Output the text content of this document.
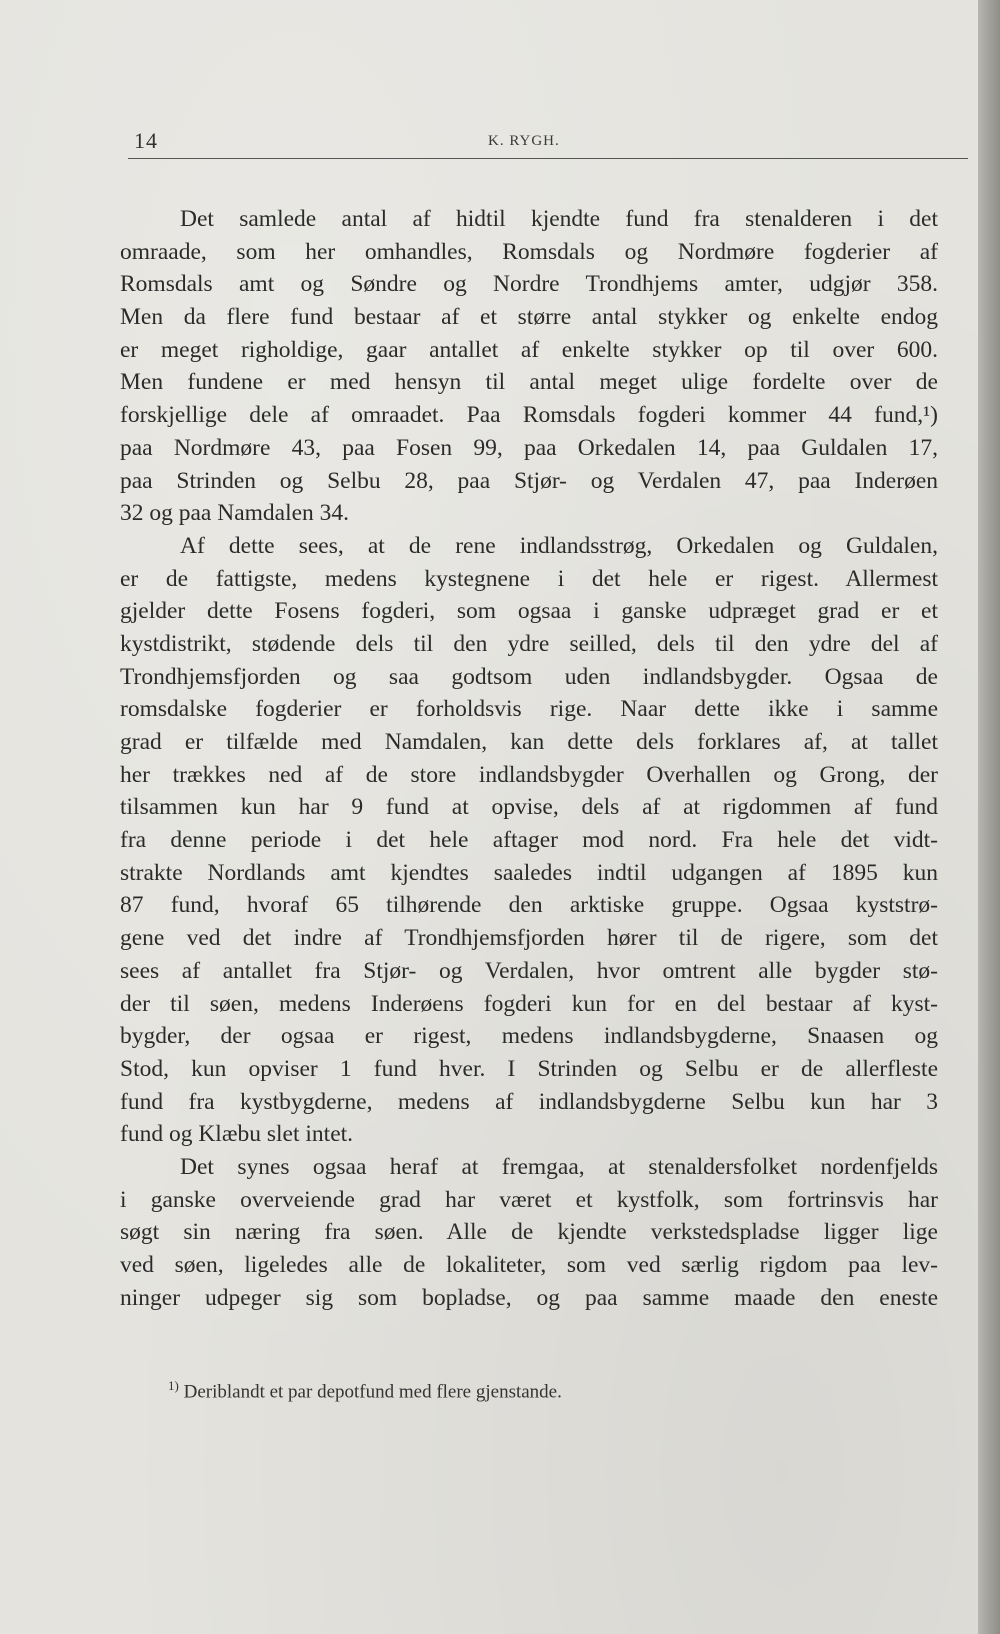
14	K. RYGH.
Det samlede antal af hidtil kjendte fund fra stenalderen i det
omraade, som her omhandles, Romsdals og Nordmøre fogderier af
Romsdals amt og Søndre og Nordre Trondhjems amter, udgjør 358.
Men da flere fund bestaar af et større antal stykker og enkelte endog
er meget righoldige, gaar antallet af enkelte stykker op til over 600.
Men fundene er med hensyn til antal meget ulige fordelte over de
forskjellige dele af omraadet. Paa Romsdals fogderi kommer 44 fund,¹)
paa Nordmøre 43, paa Fosen 99, paa Orkedalen 14, paa Guldalen 17,
paa Strinden og Selbu 28, paa Stjør- og Verdalen 47, paa Inderøen
32 og paa Namdalen 34.
Af dette sees, at de rene indlandsstrøg, Orkedalen og Guldalen,
er de fattigste, medens kystegnene i det hele er rigest. Allermest
gjelder dette Fosens fogderi, som ogsaa i ganske udpræget grad er et
kystdistrikt, stødende dels til den ydre seilled, dels til den ydre del af
Trondhjemsfjorden og saa godtsom uden indlandsbygder. Ogsaa de
romsdalske fogderier er forholdsvis rige. Naar dette ikke i samme
grad er tilfælde med Namdalen, kan dette dels forklares af, at tallet
her trækkes ned af de store indlandsbygder Overhallen og Grong, der
tilsammen kun har 9 fund at opvise, dels af at rigdommen af fund
fra denne periode i det hele aftager mod nord. Fra hele det vidt-
strakte Nordlands amt kjendtes saaledes indtil udgangen af 1895 kun
87 fund, hvoraf 65 tilhørende den arktiske gruppe. Ogsaa kyststrø-
gene ved det indre af Trondhjemsfjorden hører til de rigere, som det
sees af antallet fra Stjør- og Verdalen, hvor omtrent alle bygder stø-
der til søen, medens Inderøens fogderi kun for en del bestaar af kyst-
bygder, der ogsaa er rigest, medens indlandsbygderne, Snaasen og
Stod, kun opviser 1 fund hver. I Strinden og Selbu er de allerfleste
fund fra kystbygderne, medens af indlandsbygderne Selbu kun har 3
fund og Klæbu slet intet.
Det synes ogsaa heraf at fremgaa, at stenaldersfolket nordenfjelds
i ganske overveiende grad har været et kystfolk, som fortrinsvis har
søgt sin næring fra søen. Alle de kjendte verkstedspladse ligger lige
ved søen, ligeledes alle de lokaliteter, som ved særlig rigdom paa lev-
ninger udpeger sig som bopladse, og paa samme maade den eneste
$^{1)}$ Deriblandt et par depotfund med flere gjenstande.
